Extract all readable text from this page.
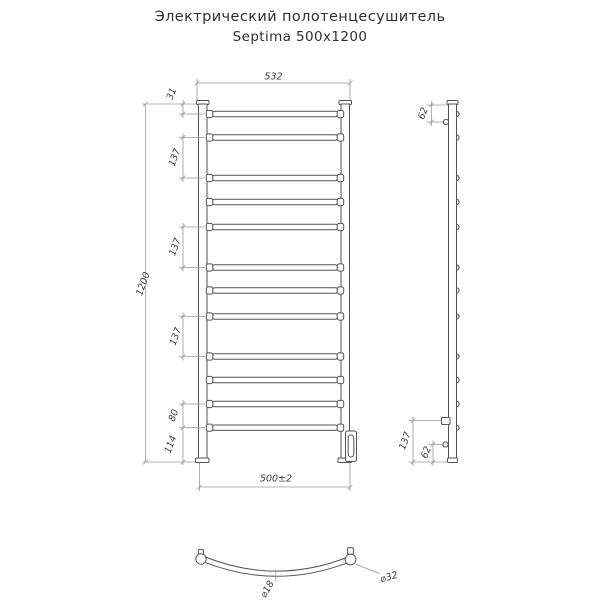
Электрический полотенцесушитель
Septima 500x1200
532
31
137
137
137
80
114
1200
500±2
62
137
62
⌀18
⌀32
